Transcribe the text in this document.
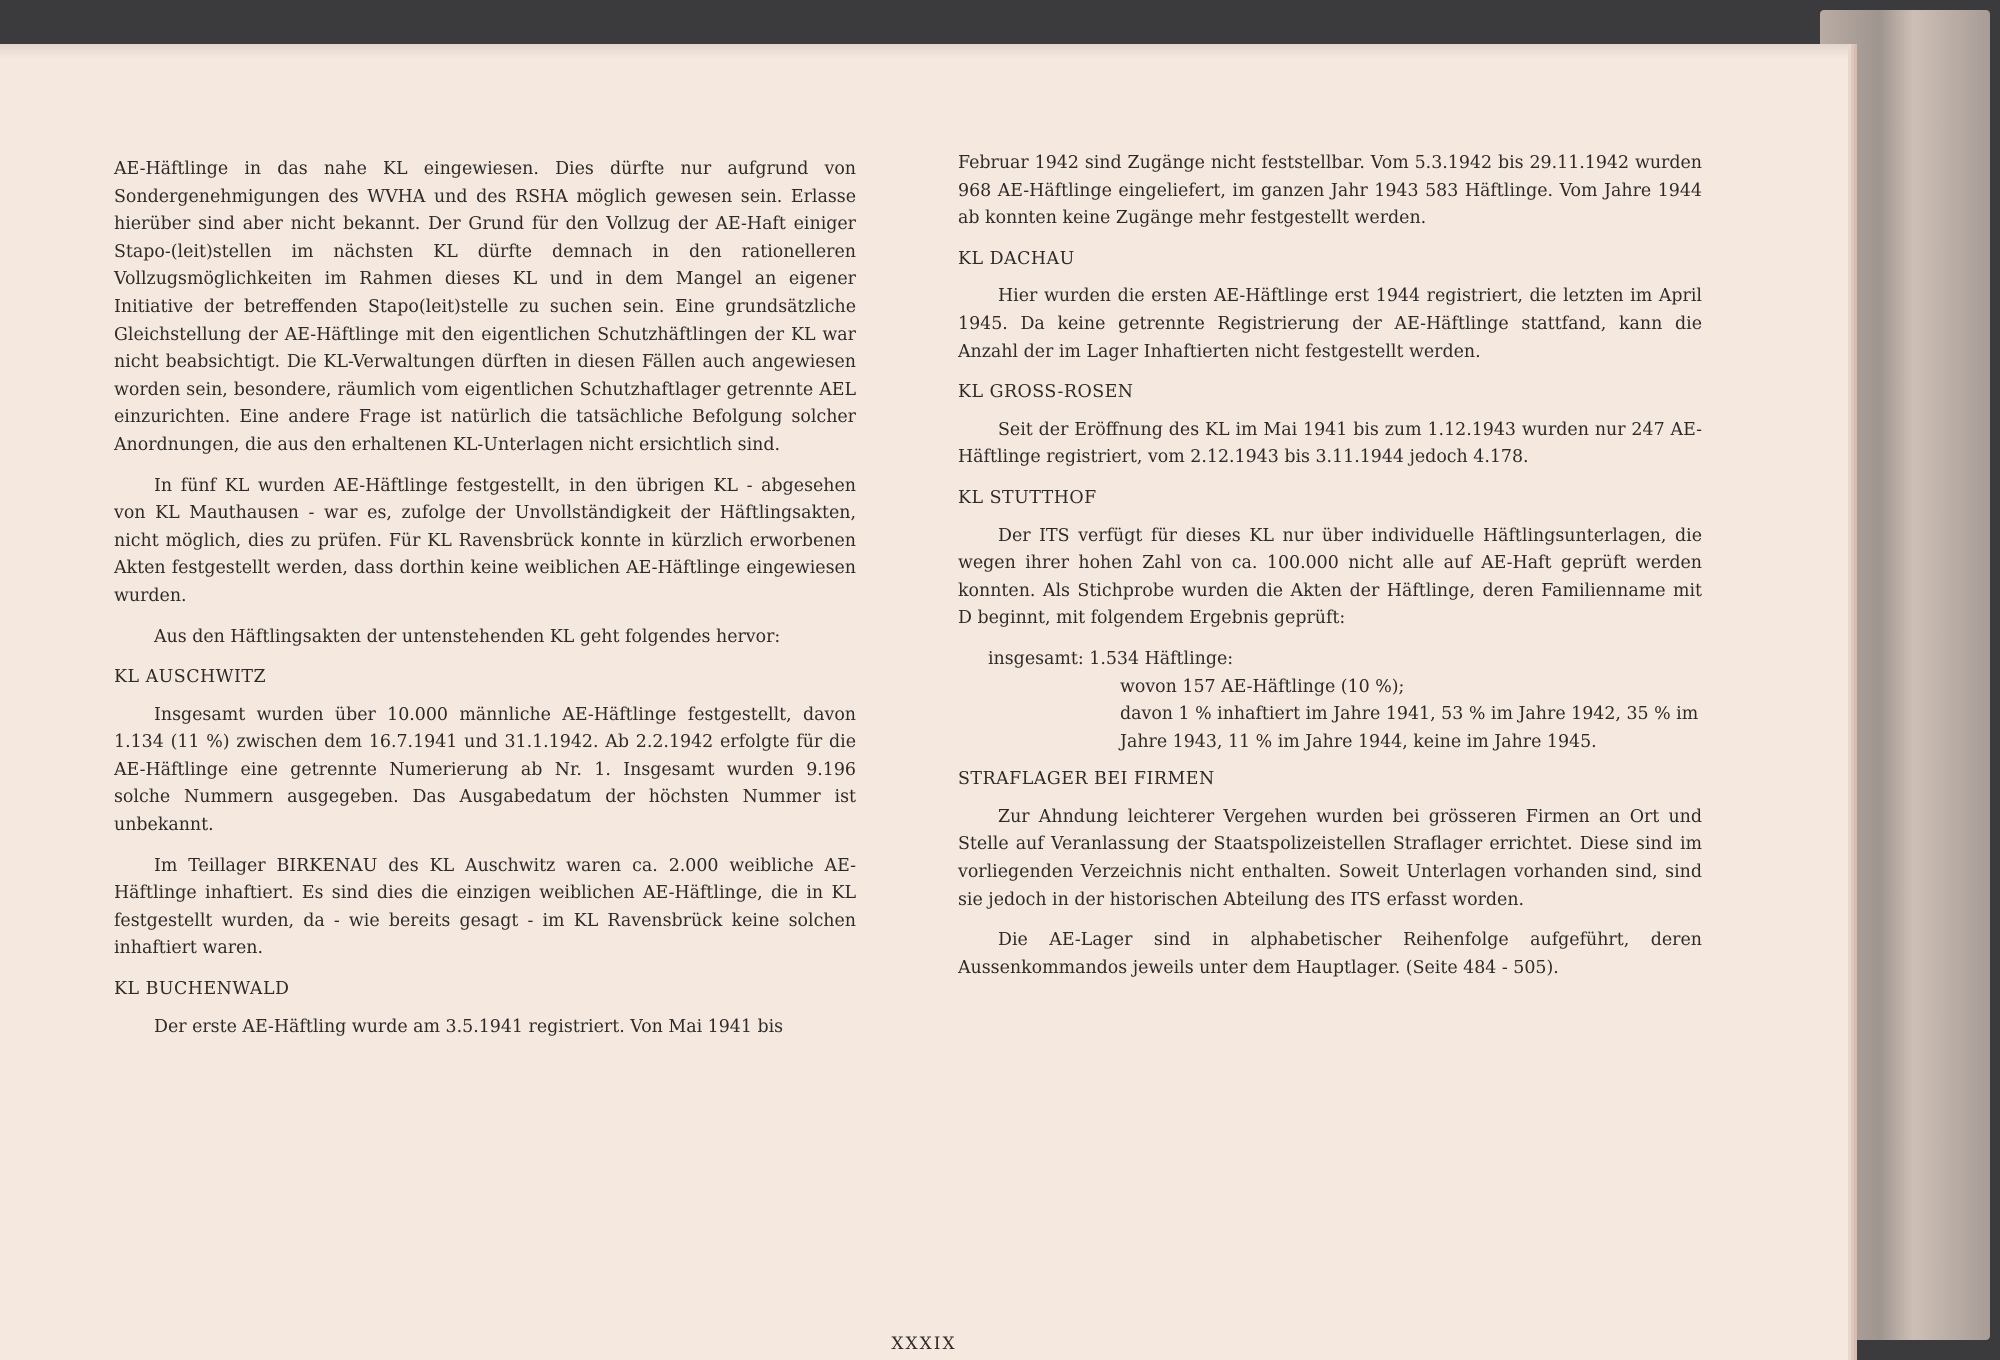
AE-Häftlinge in das nahe KL eingewiesen. Dies dürfte nur aufgrund von Sondergenehmigungen des WVHA und des RSHA möglich gewesen sein. Erlasse hierüber sind aber nicht bekannt. Der Grund für den Vollzug der AE-Haft einiger Stapo-(leit)stellen im nächsten KL dürfte demnach in den rationelleren Vollzugsmöglichkeiten im Rahmen dieses KL und in dem Mangel an eigener Initiative der betreffenden Stapo(leit)stelle zu suchen sein. Eine grundsätzliche Gleichstellung der AE-Häftlinge mit den eigentlichen Schutzhäftlingen der KL war nicht beabsichtigt. Die KL-Verwaltungen dürften in diesen Fällen auch angewiesen worden sein, besondere, räumlich vom eigentlichen Schutzhaftlager getrennte AEL einzurichten. Eine andere Frage ist natürlich die tatsächliche Befolgung solcher Anordnungen, die aus den erhaltenen KL-Unterlagen nicht ersichtlich sind.

In fünf KL wurden AE-Häftlinge festgestellt, in den übrigen KL - abgesehen von KL Mauthausen - war es, zufolge der Unvollständigkeit der Häftlingsakten, nicht möglich, dies zu prüfen. Für KL Ravensbrück konnte in kürzlich erworbenen Akten festgestellt werden, dass dorthin keine weiblichen AE-Häftlinge eingewiesen wurden.

Aus den Häftlingsakten der untenstehenden KL geht folgendes hervor:

KL AUSCHWITZ

Insgesamt wurden über 10.000 männliche AE-Häftlinge festgestellt, davon 1.134 (11 %) zwischen dem 16.7.1941 und 31.1.1942. Ab 2.2.1942 erfolgte für die AE-Häftlinge eine getrennte Numerierung ab Nr. 1. Insgesamt wurden 9.196 solche Nummern ausgegeben. Das Ausgabedatum der höchsten Nummer ist unbekannt.

Im Teillager BIRKENAU des KL Auschwitz waren ca. 2.000 weibliche AE-Häftlinge inhaftiert. Es sind dies die einzigen weiblichen AE-Häftlinge, die in KL festgestellt wurden, da - wie bereits gesagt - im KL Ravensbrück keine solchen inhaftiert waren.

KL BUCHENWALD

Der erste AE-Häftling wurde am 3.5.1941 registriert. Von Mai 1941 bis

Februar 1942 sind Zugänge nicht feststellbar. Vom 5.3.1942 bis 29.11.1942 wurden 968 AE-Häftlinge eingeliefert, im ganzen Jahr 1943 583 Häftlinge. Vom Jahre 1944 ab konnten keine Zugänge mehr festgestellt werden.

KL DACHAU

Hier wurden die ersten AE-Häftlinge erst 1944 registriert, die letzten im April 1945. Da keine getrennte Registrierung der AE-Häftlinge stattfand, kann die Anzahl der im Lager Inhaftierten nicht festgestellt werden.

KL GROSS-ROSEN

Seit der Eröffnung des KL im Mai 1941 bis zum 1.12.1943 wurden nur 247 AE-Häftlinge registriert, vom 2.12.1943 bis 3.11.1944 jedoch 4.178.

KL STUTTHOF

Der ITS verfügt für dieses KL nur über individuelle Häftlingsunterlagen, die wegen ihrer hohen Zahl von ca. 100.000 nicht alle auf AE-Haft geprüft werden konnten. Als Stichprobe wurden die Akten der Häftlinge, deren Familienname mit D beginnt, mit folgendem Ergebnis geprüft:

insgesamt: 1.534 Häftlinge:
wovon 157 AE-Häftlinge (10 %);
davon 1 % inhaftiert im Jahre 1941, 53 % im Jahre 1942, 35 % im Jahre 1943, 11 % im Jahre 1944, keine im Jahre 1945.
STRAFLAGER BEI FIRMEN

Zur Ahndung leichterer Vergehen wurden bei grösseren Firmen an Ort und Stelle auf Veranlassung der Staatspolizeistellen Straflager errichtet. Diese sind im vorliegenden Verzeichnis nicht enthalten. Soweit Unterlagen vorhanden sind, sind sie jedoch in der historischen Abteilung des ITS erfasst worden.

Die AE-Lager sind in alphabetischer Reihenfolge aufgeführt, deren Aussenkommandos jeweils unter dem Hauptlager. (Seite 484 - 505).

XXXIX
